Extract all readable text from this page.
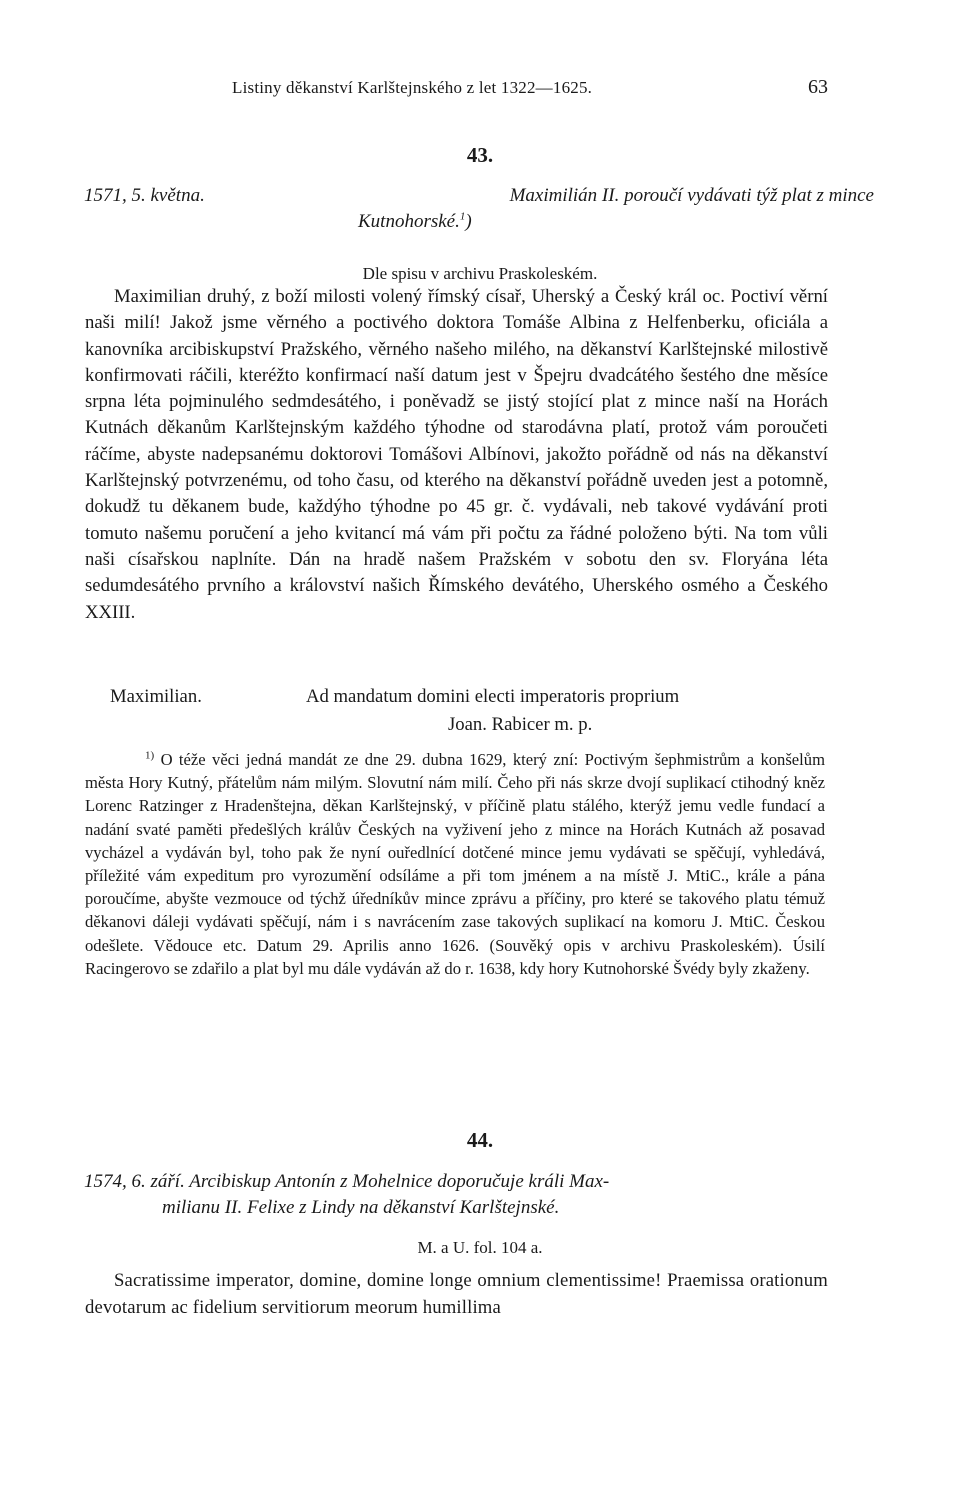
Listiny děkanství Karlštejnského z let 1322—1625.	63
43.
1571, 5. května.	Maximilián II. poroučí vydávati týž plat z mince
Kutnohorské.$^1$)
Dle spisu v archivu Praskoleském.

Maximilian druhý, z boží milosti volený římský císař, Uherský a Český král oc. Poctiví věrní naši milí! Jakož jsme věrného a poctivého doktora Tomáše Albina z Helfenberku, oficiála a kanovníka arcibiskupství Pražského, věrného našeho milého, na děkanství Karlštejnské milostivě konfirmovati ráčili, kteréžto konfirmací naší datum jest v Špejru dvadcátého šestého dne měsíce srpna léta pojminulého sedmdesátého, i poněvadž se jistý stojící plat z mince naší na Horách Kutnách děkanům Karlštejnským každého týhodne od starodávna platí, protož vám poroučeti ráčíme, abyste nadepsanému doktorovi Tomášovi Albínovi, jakožto pořádně od nás na děkanství Karlštejnský potvrzenému, od toho času, od kterého na děkanství pořádně uveden jest a potomně, dokudž tu děkanem bude, každýho týhodne po 45 gr. č. vydávali, neb takové vydávání proti tomuto našemu poručení a jeho kvitancí má vám při počtu za řádné položeno býti. Na tom vůli naši císařskou naplníte. Dán na hradě našem Pražském v sobotu den sv. Floryána léta sedumdesátého prvního a království našich Římského devátého, Uherského osmého a Českého XXIII.

Maximilian.	Ad mandatum domini electi imperatoris proprium
Joan. Rabicer m. p.

$^{1)}$ O téže věci jedná mandát ze dne 29. dubna 1629, který zní: Poctivým šephmistrům a konšelům města Hory Kutný, přátelům nám milým. Slovutní nám milí. Čeho při nás skrze dvojí suplikací ctihodný kněz Lorenc Ratzinger z Hradenštejna, děkan Karlštejnský, v příčině platu stálého, kterýž jemu vedle fundací a nadání svaté paměti předešlých králův Českých na vyživení jeho z mince na Horách Kutnách až posavad vycházel a vydáván byl, toho pak že nyní ouředlnící dotčené mince jemu vydávati se spěčují, vyhledává, příležité vám expeditum pro vyrozumění odsíláme a při tom jménem a na místě J. MtiC., krále a pána poroučíme, abyšte vezmouce od týchž úředníkův mince zprávu a příčiny, pro které se takového platu témuž děkanovi dáleji vydávati spěčují, nám i s navrácením zase takových suplikací na komoru J. MtiC. Českou odešlete. Vědouce etc. Datum 29. Aprilis anno 1626. (Souvěký opis v archivu Praskoleském). Úsilí Racingerovo se zdařilo a plat byl mu dále vydáván až do r. 1638, kdy hory Kutnohorské Švédy byly zkaženy.

44.
1574, 6. září. Arcibiskup Antonín z Mohelnice doporučuje králi Max-
milianu II. Felixe z Lindy na děkanství Karlštejnské.
M. a U. fol. 104 a.

Sacratissime imperator, domine, domine longe omnium clementissime! Praemissa orationum devotarum ac fidelium servitiorum meorum humillima
